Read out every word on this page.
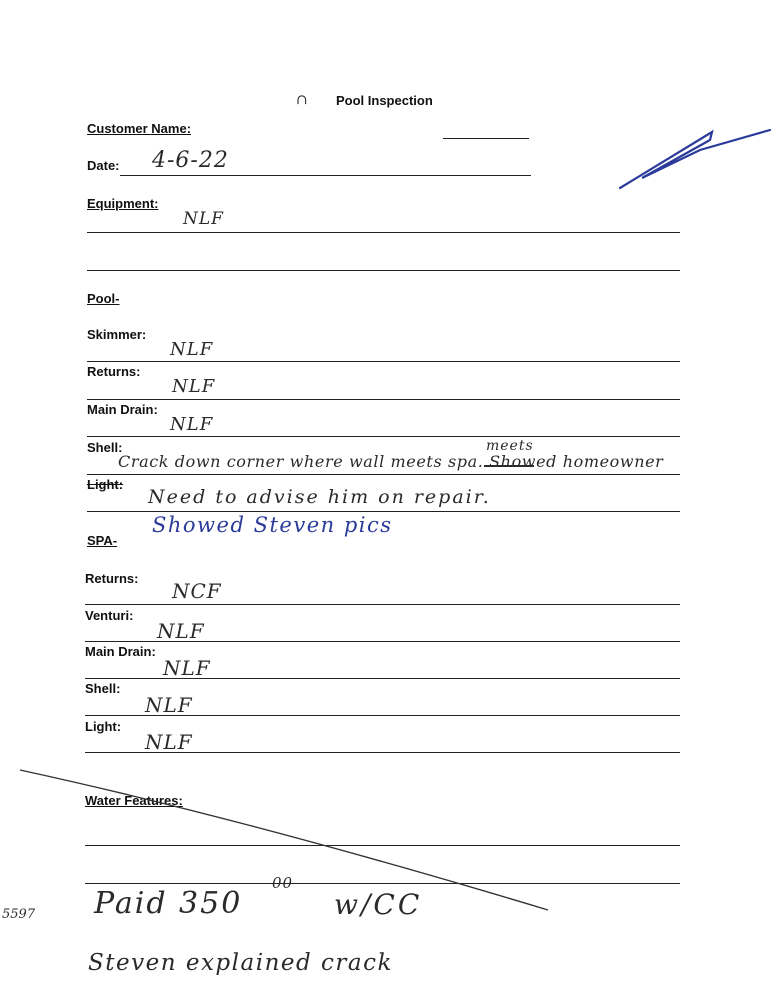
∩ Pool Inspection
Customer Name:
Date: 4-6-22
Equipment:
NLF
Pool-
Skimmer:
NLF
Returns:
NLF
Main Drain:
NLF
Shell:	meets
Crack down corner where wall meets spa. Showed homeowner
Light:
Need to advise him on repair.
Showed Steven pics
SPA-
Returns:
NCF
Venturi:
NLF
Main Drain:
NLF
Shell:
NLF
Light:
NLF
Water Features:
5597 Paid 350
00
w/CC
Steven explained crack
